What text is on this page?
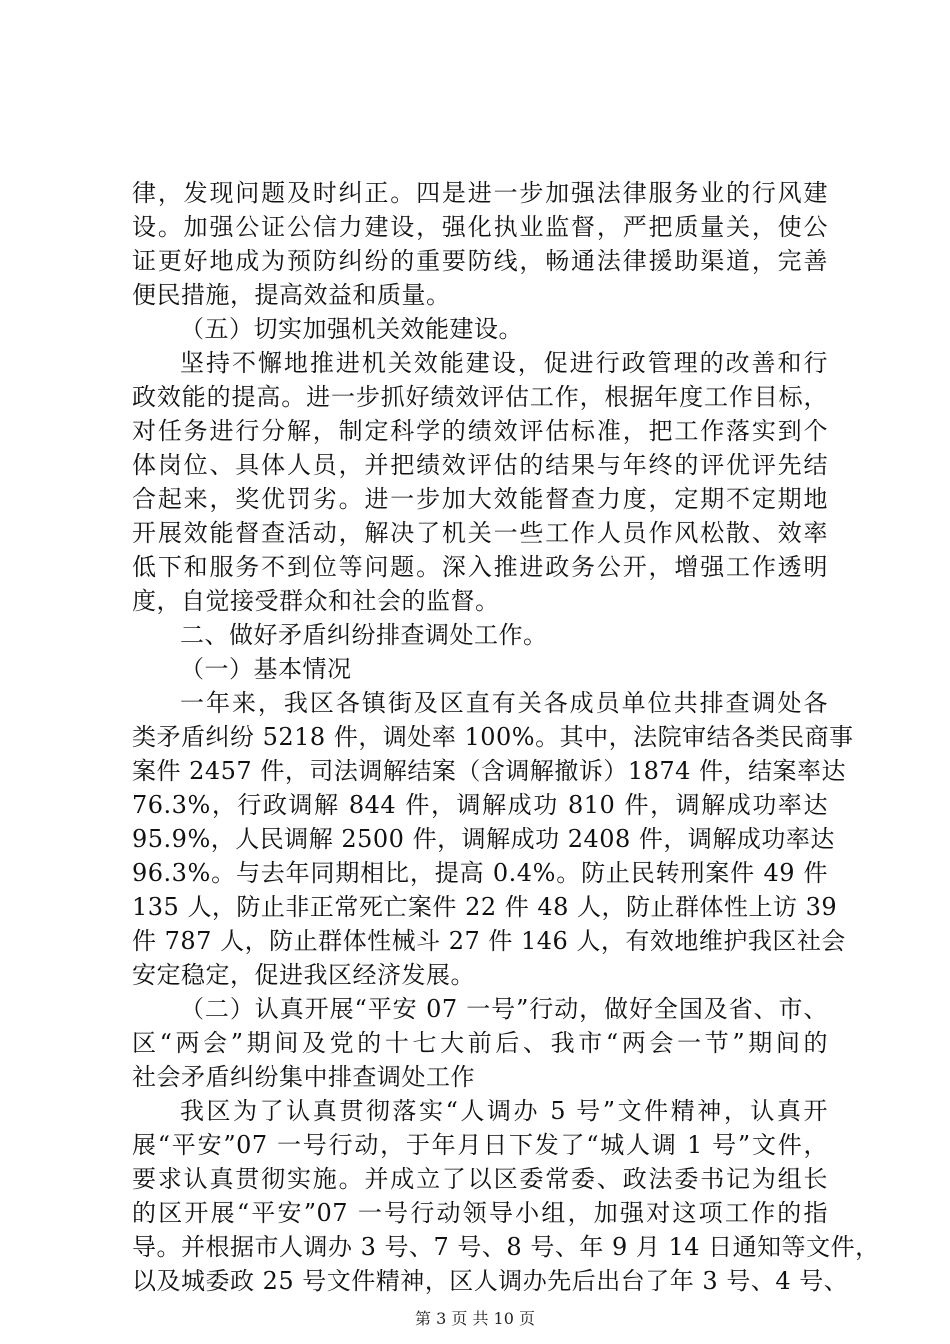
律，发现问题及时纠正。四是进一步加强法律服务业的行风建
设。加强公证公信力建设，强化执业监督，严把质量关，使公
证更好地成为预防纠纷的重要防线，畅通法律援助渠道，完善
便民措施，提高效益和质量。
（五）切实加强机关效能建设。
坚持不懈地推进机关效能建设，促进行政管理的改善和行
政效能的提高。进一步抓好绩效评估工作，根据年度工作目标，
对任务进行分解，制定科学的绩效评估标准，把工作落实到个
体岗位、具体人员，并把绩效评估的结果与年终的评优评先结
合起来，奖优罚劣。进一步加大效能督查力度，定期不定期地
开展效能督查活动，解决了机关一些工作人员作风松散、效率
低下和服务不到位等问题。深入推进政务公开，增强工作透明
度，自觉接受群众和社会的监督。
二、做好矛盾纠纷排查调处工作。
（一）基本情况
一年来，我区各镇街及区直有关各成员单位共排查调处各
类矛盾纠纷 5218 件，调处率 100%。其中，法院审结各类民商事
案件 2457 件，司法调解结案（含调解撤诉）1874 件，结案率达
76.3%，行政调解 844 件，调解成功 810 件，调解成功率达
95.9%，人民调解 2500 件，调解成功 2408 件，调解成功率达
96.3%。与去年同期相比，提高 0.4%。防止民转刑案件 49 件
135 人，防止非正常死亡案件 22 件 48 人，防止群体性上访 39
件 787 人，防止群体性械斗 27 件 146 人，有效地维护我区社会
安定稳定，促进我区经济发展。
（二）认真开展“平安 07 一号”行动，做好全国及省、市、
区“两会”期间及党的十七大前后、我市“两会一节”期间的
社会矛盾纠纷集中排查调处工作
我区为了认真贯彻落实“人调办 5 号”文件精神，认真开
展“平安”07 一号行动，于年月日下发了“城人调 1 号”文件，
要求认真贯彻实施。并成立了以区委常委、政法委书记为组长
的区开展“平安”07 一号行动领导小组，加强对这项工作的指
导。并根据市人调办 3 号、7 号、8 号、年 9 月 14 日通知等文件，
以及城委政 25 号文件精神，区人调办先后出台了年 3 号、4 号、
第 3 页 共 10 页
